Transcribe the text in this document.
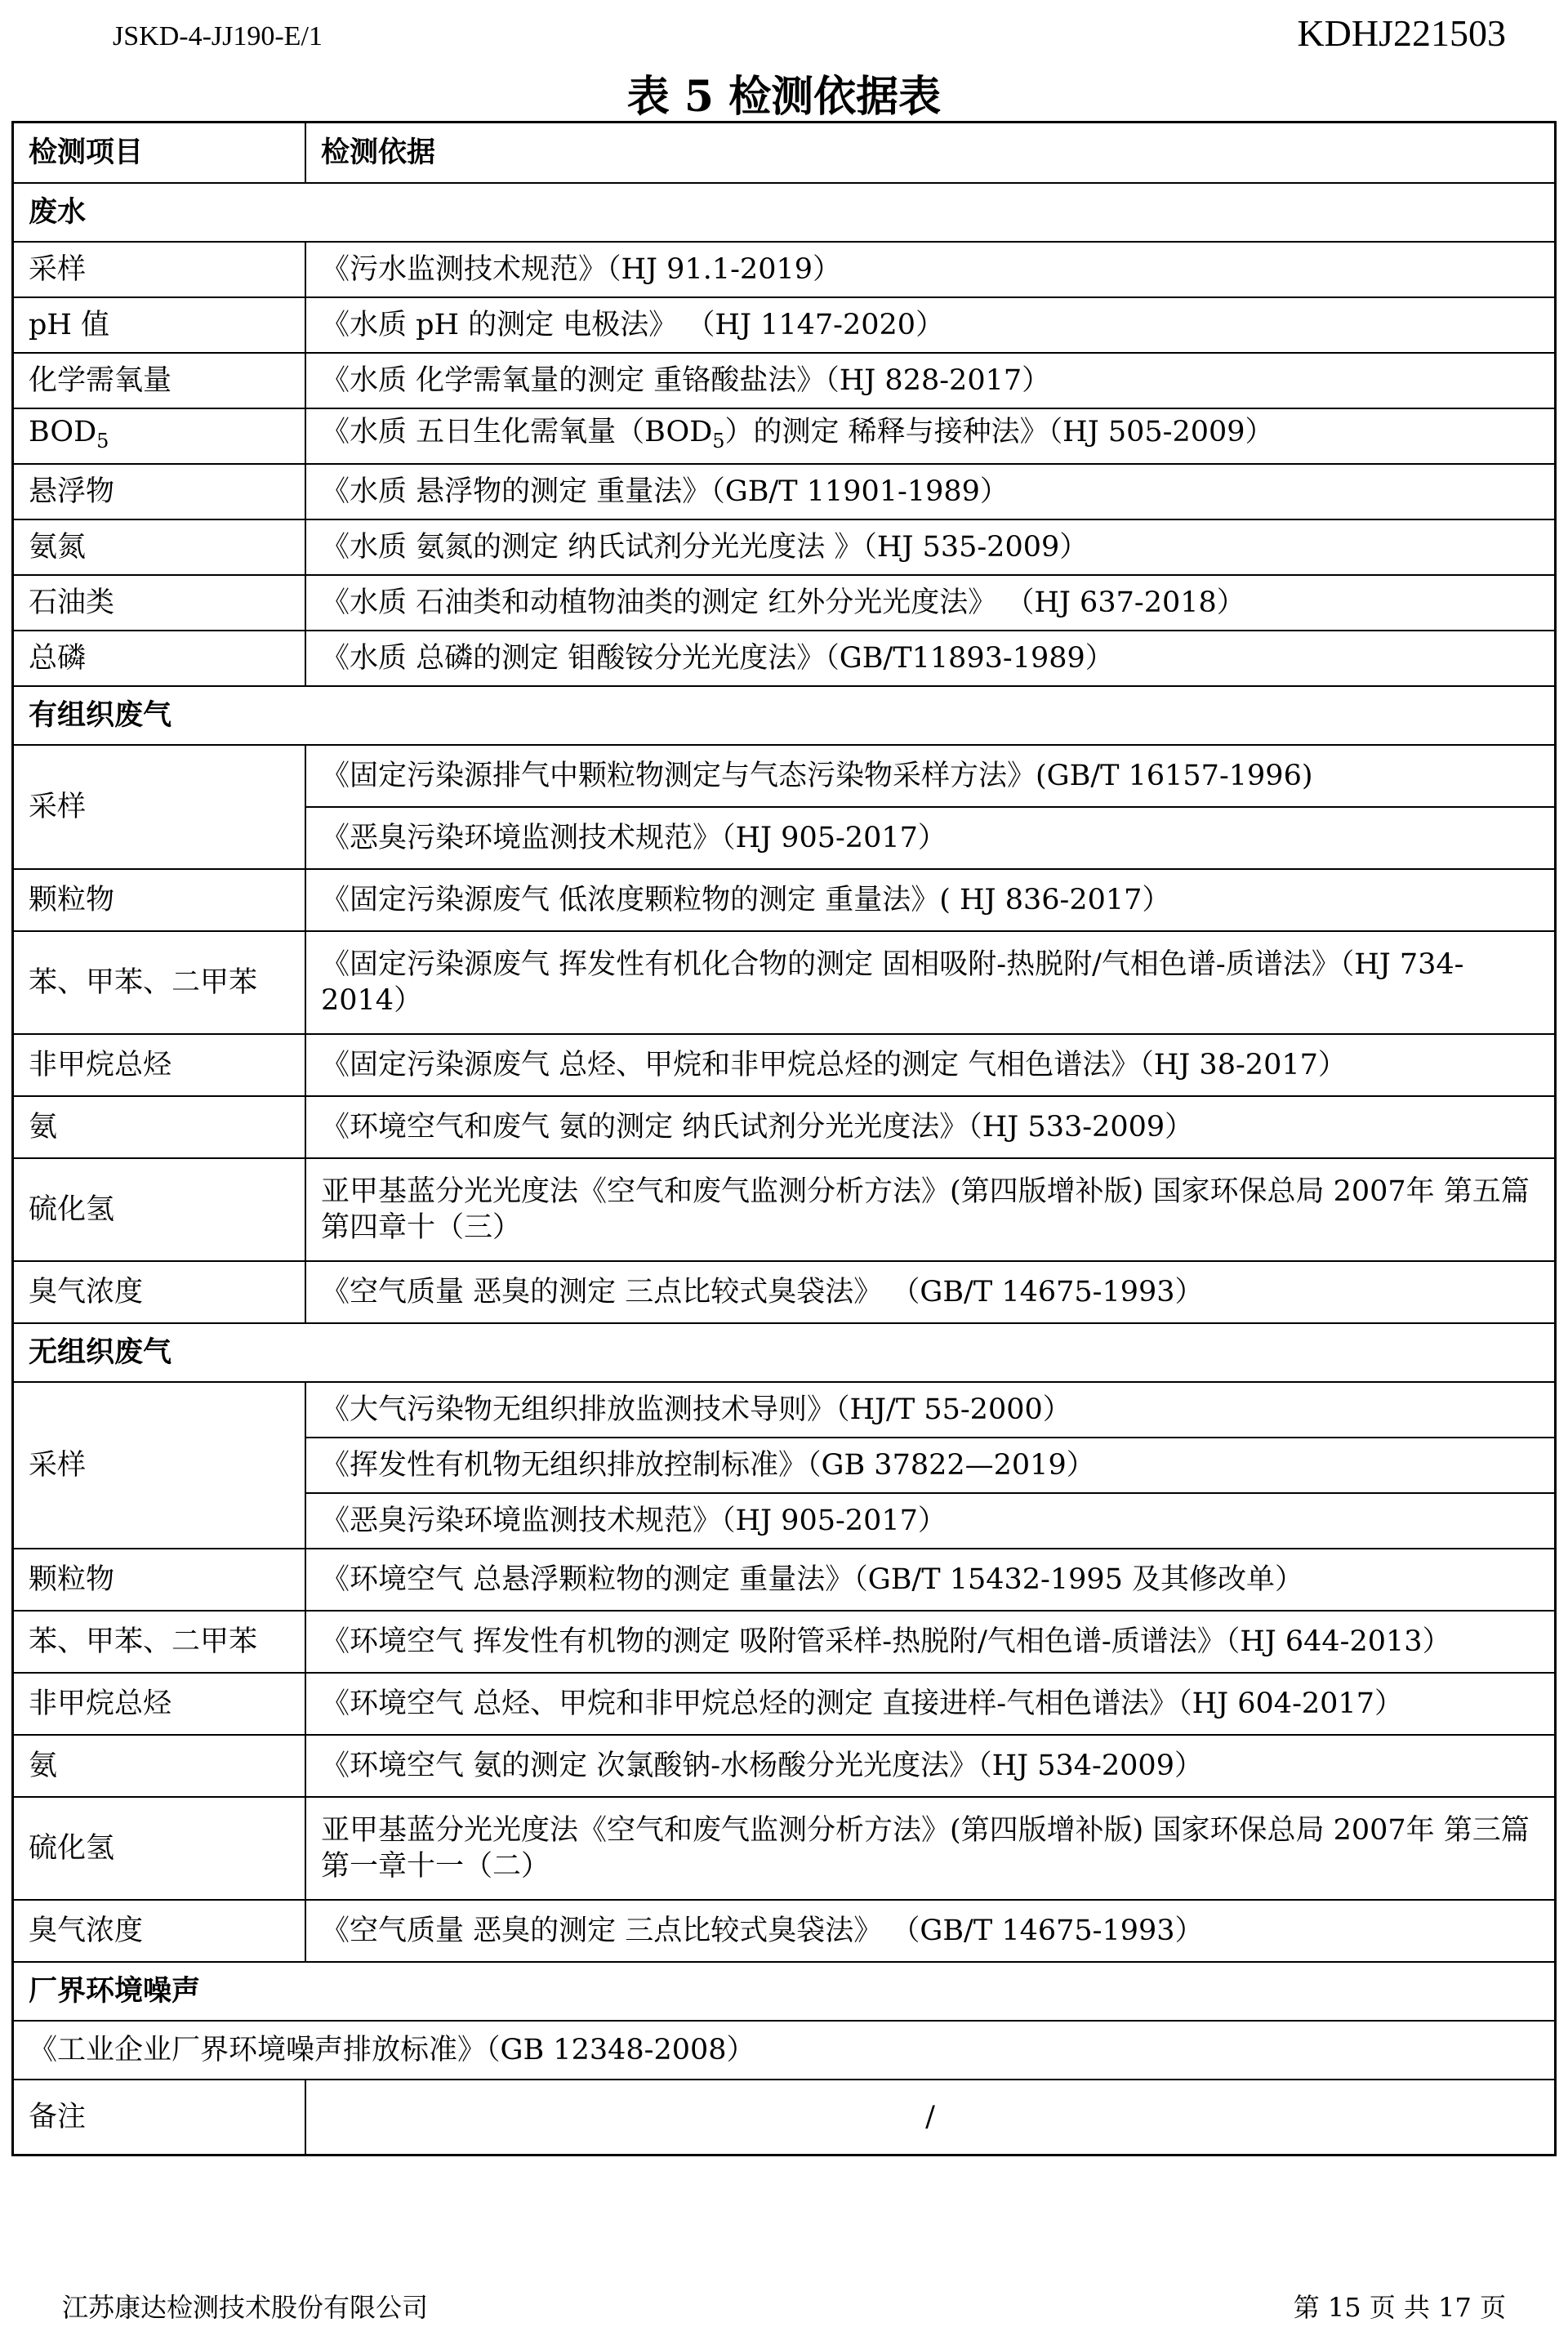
JSKD-4-JJ190-E/1	KDHJ221503
表 5 检测依据表
检测项目	检测依据
废水	
采样	《污水监测技术规范》（HJ 91.1-2019）
pH 值	《水质 pH 的测定 电极法》 （HJ 1147-2020）
化学需氧量	《水质 化学需氧量的测定 重铬酸盐法》（HJ 828-2017）
$BOD_5$	《水质 五日生化需氧量$(BOD_5)$的测定 稀释与接种法》（HJ 505-2009）
悬浮物	《水质 悬浮物的测定 重量法》（GB/T 11901-1989）
氨氮	《水质 氨氮的测定 纳氏试剂分光光度法 》（HJ 535-2009）
石油类	《水质 石油类和动植物油类的测定 红外分光光度法》 （HJ 637-2018）
总磷	《水质 总磷的测定 钼酸铵分光光度法》（GB/T11893-1989）
有组织废气	
采样	《固定污染源排气中颗粒物测定与气态污染物采样方法》(GB/T 16157-1996)
	《恶臭污染环境监测技术规范》（HJ 905-2017）
颗粒物	《固定污染源废气 低浓度颗粒物的测定 重量法》( HJ 836-2017）
苯、甲苯、二甲苯	《固定污染源废气 挥发性有机化合物的测定 固相吸附-热脱附/气相色谱-质谱法》（HJ 734-2014）
非甲烷总烃	《固定污染源废气 总烃、甲烷和非甲烷总烃的测定 气相色谱法》（HJ 38-2017）
氨	《环境空气和废气 氨的测定 纳氏试剂分光光度法》（HJ 533-2009）
硫化氢	亚甲基蓝分光光度法《空气和废气监测分析方法》(第四版增补版) 国家环保总局 2007年 第五篇第四章十（三）
臭气浓度	《空气质量 恶臭的测定 三点比较式臭袋法》 （GB/T 14675-1993）
无组织废气	
采样	《大气污染物无组织排放监测技术导则》（HJ/T 55-2000）
	《挥发性有机物无组织排放控制标准》（GB 37822—2019）
	《恶臭污染环境监测技术规范》（HJ 905-2017）
颗粒物	《环境空气 总悬浮颗粒物的测定 重量法》（GB/T 15432-1995 及其修改单）
苯、甲苯、二甲苯	《环境空气 挥发性有机物的测定 吸附管采样-热脱附/气相色谱-质谱法》（HJ 644-2013）
非甲烷总烃	《环境空气 总烃、甲烷和非甲烷总烃的测定 直接进样-气相色谱法》（HJ 604-2017）
氨	《环境空气 氨的测定 次氯酸钠-水杨酸分光光度法》（HJ 534-2009）
硫化氢	亚甲基蓝分光光度法《空气和废气监测分析方法》(第四版增补版) 国家环保总局 2007年 第三篇第一章十一（二）
臭气浓度	《空气质量 恶臭的测定 三点比较式臭袋法》 （GB/T 14675-1993）
厂界环境噪声	
《工业企业厂界环境噪声排放标准》（GB 12348-2008）	
备注	/
江苏康达检测技术股份有限公司	第 15 页 共 17 页
